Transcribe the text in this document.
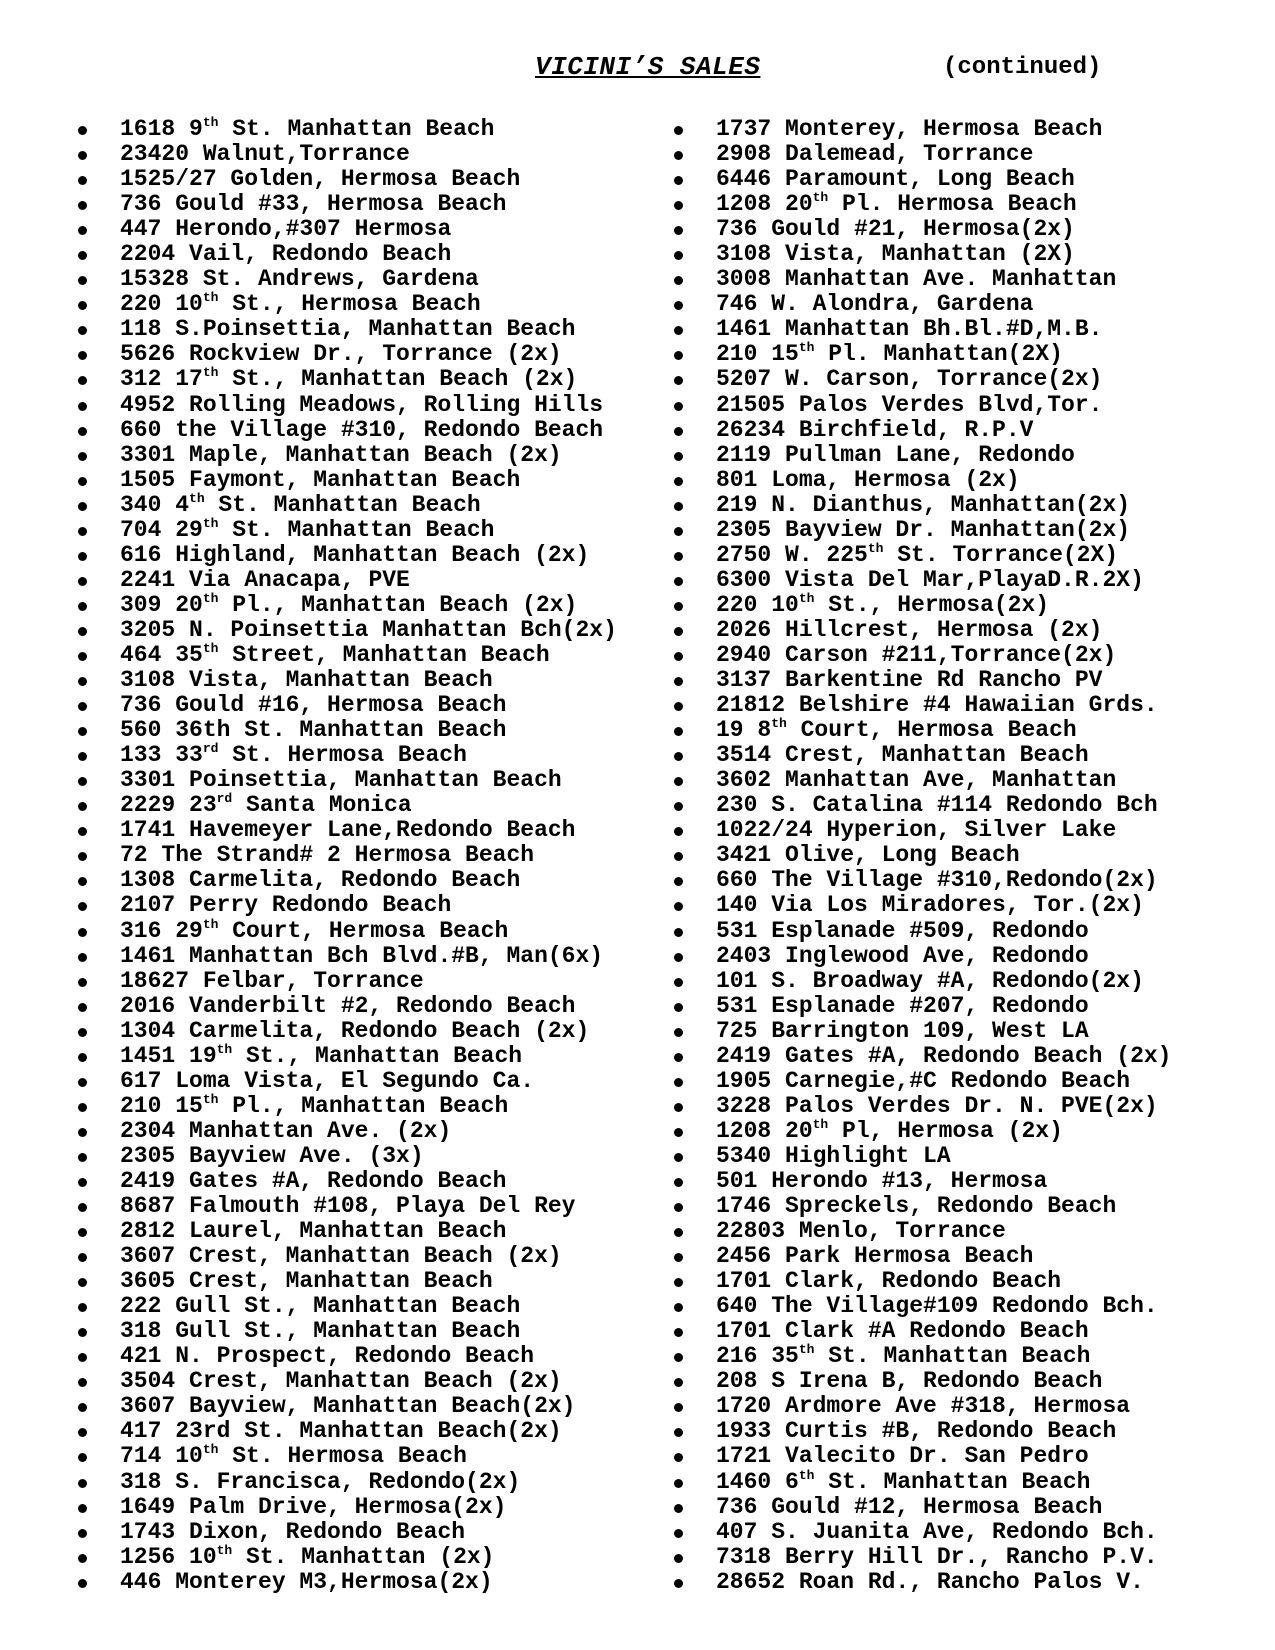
VICINI’S SALES	(continued)
1618 9th St. Manhattan Beach
23420 Walnut,Torrance
1525/27 Golden, Hermosa Beach
736 Gould #33, Hermosa Beach
447 Herondo,#307 Hermosa
2204 Vail, Redondo Beach
15328 St. Andrews, Gardena
220 10th St., Hermosa Beach
118 S.Poinsettia, Manhattan Beach
5626 Rockview Dr., Torrance (2x)
312 17th St., Manhattan Beach (2x)
4952 Rolling Meadows, Rolling Hills
660 the Village #310, Redondo Beach
3301 Maple, Manhattan Beach (2x)
1505 Faymont, Manhattan Beach
340 4th St. Manhattan Beach
704 29th St. Manhattan Beach
616 Highland, Manhattan Beach (2x)
2241 Via Anacapa, PVE
309 20th Pl., Manhattan Beach (2x)
3205 N. Poinsettia Manhattan Bch(2x)
464 35th Street, Manhattan Beach
3108 Vista, Manhattan Beach
736 Gould #16, Hermosa Beach
560 36th St. Manhattan Beach
133 33rd St. Hermosa Beach
3301 Poinsettia, Manhattan Beach
2229 23rd Santa Monica
1741 Havemeyer Lane,Redondo Beach
72 The Strand# 2 Hermosa Beach
1308 Carmelita, Redondo Beach
2107 Perry Redondo Beach
316 29th Court, Hermosa Beach
1461 Manhattan Bch Blvd.#B, Man(6x)
18627 Felbar, Torrance
2016 Vanderbilt #2, Redondo Beach
1304 Carmelita, Redondo Beach (2x)
1451 19th St., Manhattan Beach
617 Loma Vista, El Segundo Ca.
210 15th Pl., Manhattan Beach
2304 Manhattan Ave. (2x)
2305 Bayview Ave. (3x)
2419 Gates #A, Redondo Beach
8687 Falmouth #108, Playa Del Rey
2812 Laurel, Manhattan Beach
3607 Crest, Manhattan Beach (2x)
3605 Crest, Manhattan Beach
222 Gull St., Manhattan Beach
318 Gull St., Manhattan Beach
421 N. Prospect, Redondo Beach
3504 Crest, Manhattan Beach (2x)
3607 Bayview, Manhattan Beach(2x)
417 23rd St. Manhattan Beach(2x)
714 10th St. Hermosa Beach
318 S. Francisca, Redondo(2x)
1649 Palm Drive, Hermosa(2x)
1743 Dixon, Redondo Beach
1256 10th St. Manhattan (2x)
446 Monterey M3,Hermosa(2x)
1737 Monterey, Hermosa Beach
2908 Dalemead, Torrance
6446 Paramount, Long Beach
1208 20th Pl. Hermosa Beach
736 Gould #21, Hermosa(2x)
3108 Vista, Manhattan (2X)
3008 Manhattan Ave. Manhattan
746 W. Alondra, Gardena
1461 Manhattan Bh.Bl.#D,M.B.
210 15th Pl. Manhattan(2X)
5207 W. Carson, Torrance(2x)
21505 Palos Verdes Blvd,Tor.
26234 Birchfield, R.P.V
2119 Pullman Lane, Redondo
801 Loma, Hermosa (2x)
219 N. Dianthus, Manhattan(2x)
2305 Bayview Dr. Manhattan(2x)
2750 W. 225th St. Torrance(2X)
6300 Vista Del Mar,PlayaD.R.2X)
220 10th St., Hermosa(2x)
2026 Hillcrest, Hermosa (2x)
2940 Carson #211,Torrance(2x)
3137 Barkentine Rd Rancho PV
21812 Belshire #4 Hawaiian Grds.
19 8th Court, Hermosa Beach
3514 Crest, Manhattan Beach
3602 Manhattan Ave, Manhattan
230 S. Catalina #114 Redondo Bch
1022/24 Hyperion, Silver Lake
3421 Olive, Long Beach
660 The Village #310,Redondo(2x)
140 Via Los Miradores, Tor.(2x)
531 Esplanade #509, Redondo
2403 Inglewood Ave, Redondo
101 S. Broadway #A, Redondo(2x)
531 Esplanade #207, Redondo
725 Barrington 109, West LA
2419 Gates #A, Redondo Beach (2x)
1905 Carnegie,#C Redondo Beach
3228 Palos Verdes Dr. N. PVE(2x)
1208 20th Pl, Hermosa (2x)
5340 Highlight LA
501 Herondo #13, Hermosa
1746 Spreckels, Redondo Beach
22803 Menlo, Torrance
2456 Park Hermosa Beach
1701 Clark, Redondo Beach
640 The Village#109 Redondo Bch.
1701 Clark #A Redondo Beach
216 35th St. Manhattan Beach
208 S Irena B, Redondo Beach
1720 Ardmore Ave #318, Hermosa
1933 Curtis #B, Redondo Beach
1721 Valecito Dr. San Pedro
1460 6th St. Manhattan Beach
736 Gould #12, Hermosa Beach
407 S. Juanita Ave, Redondo Bch.
7318 Berry Hill Dr., Rancho P.V.
28652 Roan Rd., Rancho Palos V.
